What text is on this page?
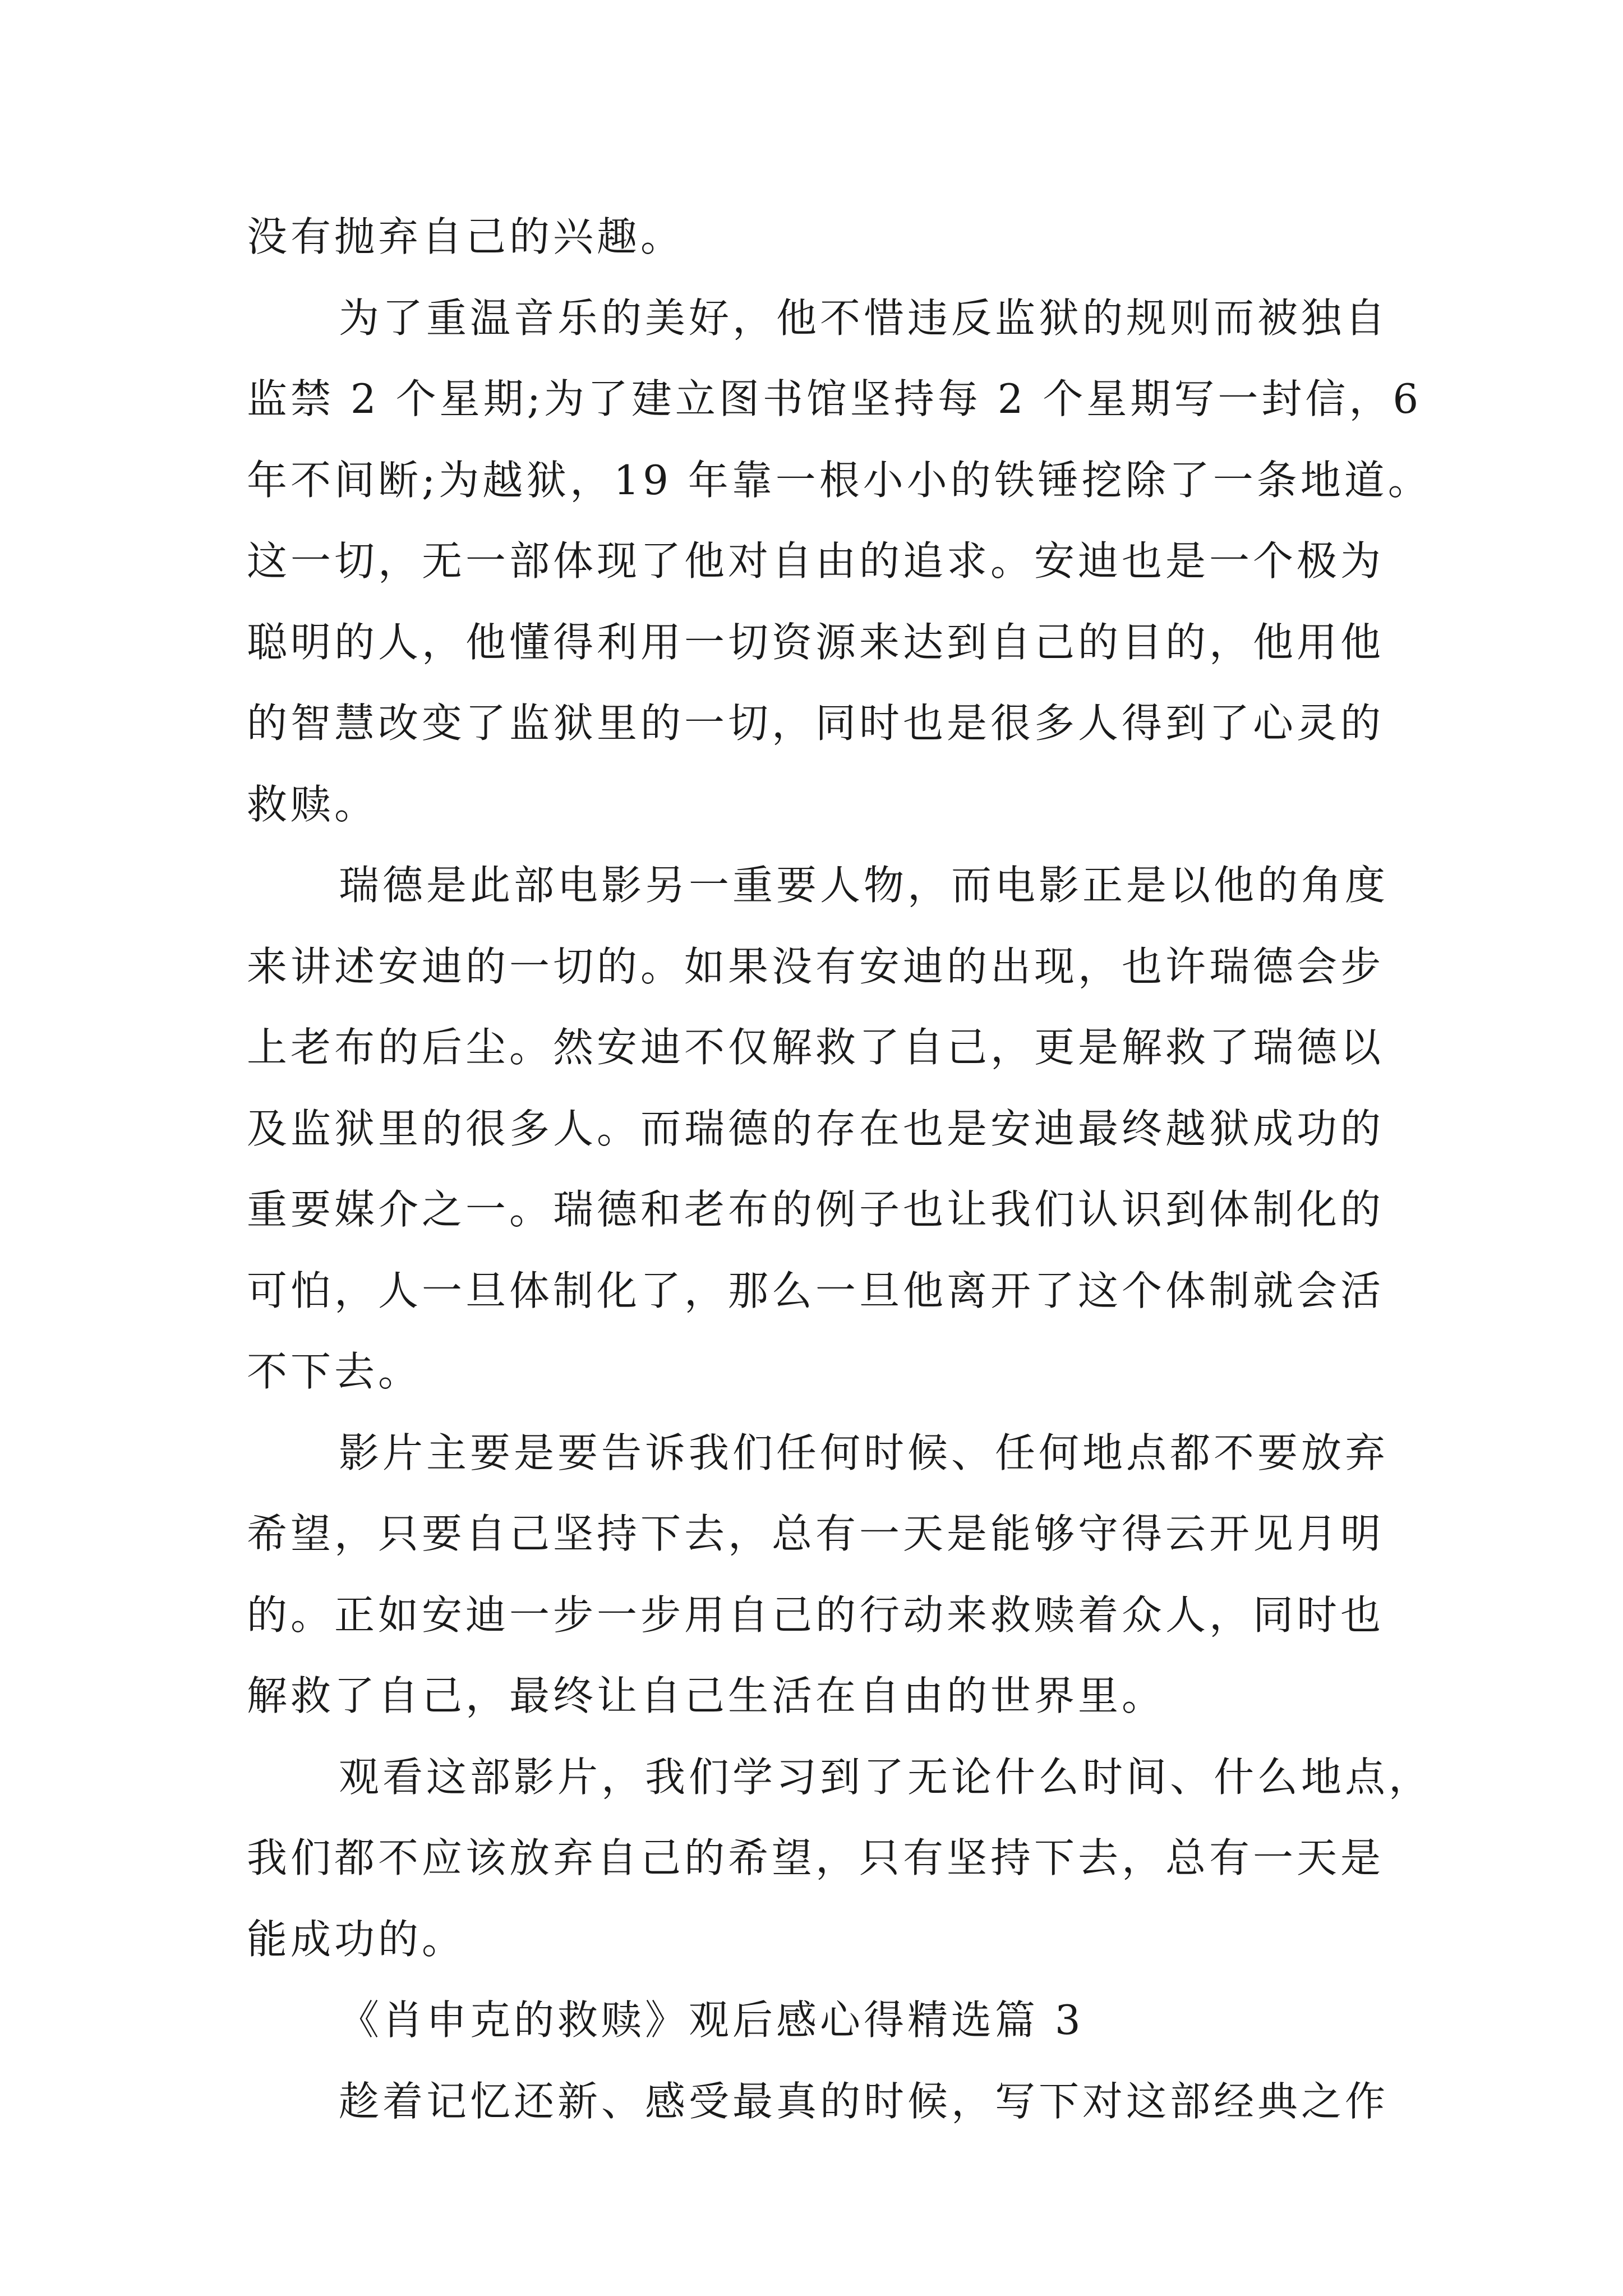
没有抛弃自己的兴趣。
为了重温音乐的美好，他不惜违反监狱的规则而被独自
监禁 2 个星期;为了建立图书馆坚持每 2 个星期写一封信，6
年不间断;为越狱，19 年靠一根小小的铁锤挖除了一条地道。
这一切，无一部体现了他对自由的追求。安迪也是一个极为
聪明的人，他懂得利用一切资源来达到自己的目的，他用他
的智慧改变了监狱里的一切，同时也是很多人得到了心灵的
救赎。
瑞德是此部电影另一重要人物，而电影正是以他的角度
来讲述安迪的一切的。如果没有安迪的出现，也许瑞德会步
上老布的后尘。然安迪不仅解救了自己，更是解救了瑞德以
及监狱里的很多人。而瑞德的存在也是安迪最终越狱成功的
重要媒介之一。瑞德和老布的例子也让我们认识到体制化的
可怕，人一旦体制化了，那么一旦他离开了这个体制就会活
不下去。
影片主要是要告诉我们任何时候、任何地点都不要放弃
希望，只要自己坚持下去，总有一天是能够守得云开见月明
的。正如安迪一步一步用自己的行动来救赎着众人，同时也
解救了自己，最终让自己生活在自由的世界里。
观看这部影片，我们学习到了无论什么时间、什么地点，
我们都不应该放弃自己的希望，只有坚持下去，总有一天是
能成功的。
《肖申克的救赎》观后感心得精选篇 3
趁着记忆还新、感受最真的时候，写下对这部经典之作
